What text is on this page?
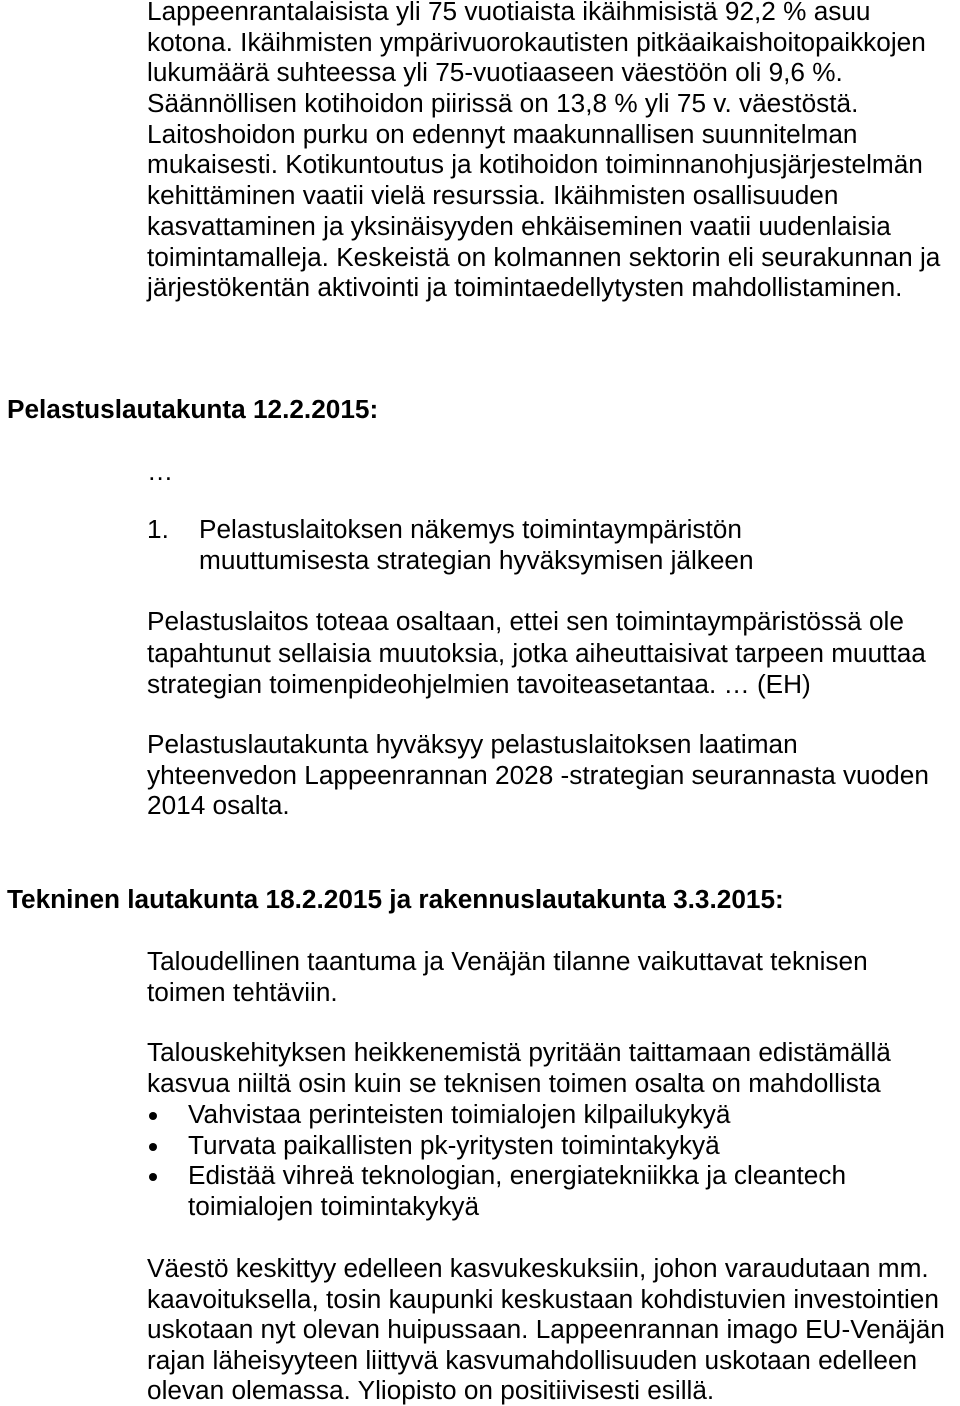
Lappeenrantalaisista yli 75 vuotiaista ikäihmisistä 92,2 % asuu
kotona. Ikäihmisten ympärivuorokautisten pitkäaikaishoitopaikkojen
lukumäärä suhteessa yli 75-vuotiaaseen väestöön oli 9,6 %.
Säännöllisen kotihoidon piirissä on 13,8 % yli 75 v. väestöstä.
Laitoshoidon purku on edennyt maakunnallisen suunnitelman
mukaisesti. Kotikuntoutus ja kotihoidon toiminnanohjusjärjestelmän
kehittäminen vaatii vielä resurssia. Ikäihmisten osallisuuden
kasvattaminen ja yksinäisyyden ehkäiseminen vaatii uudenlaisia
toimintamalleja. Keskeistä on kolmannen sektorin eli seurakunnan ja
järjestökentän aktivointi ja toimintaedellytysten mahdollistaminen.
Pelastuslautakunta 12.2.2015:
…
1. Pelastuslaitoksen näkemys toimintaympäristön
muuttumisesta strategian hyväksymisen jälkeen
Pelastuslaitos toteaa osaltaan, ettei sen toimintaympäristössä ole
tapahtunut sellaisia muutoksia, jotka aiheuttaisivat tarpeen muuttaa
strategian toimenpideohjelmien tavoiteasetantaa. … (EH)
Pelastuslautakunta hyväksyy pelastuslaitoksen laatiman
yhteenvedon Lappeenrannan 2028 -strategian seurannasta vuoden
2014 osalta.
Tekninen lautakunta 18.2.2015 ja rakennuslautakunta 3.3.2015:
Taloudellinen taantuma ja Venäjän tilanne vaikuttavat teknisen
toimen tehtäviin.
Talouskehityksen heikkenemistä pyritään taittamaan edistämällä
kasvua niiltä osin kuin se teknisen toimen osalta on mahdollista
Vahvistaa perinteisten toimialojen kilpailukykyä
Turvata paikallisten pk-yritysten toimintakykyä
Edistää vihreä teknologian, energiatekniikka ja cleantech
toimialojen toimintakykyä
Väestö keskittyy edelleen kasvukeskuksiin, johon varaudutaan mm.
kaavoituksella, tosin kaupunki keskustaan kohdistuvien investointien
uskotaan nyt olevan huipussaan. Lappeenrannan imago EU-Venäjän
rajan läheisyyteen liittyvä kasvumahdollisuuden uskotaan edelleen
olevan olemassa. Yliopisto on positiivisesti esillä.
